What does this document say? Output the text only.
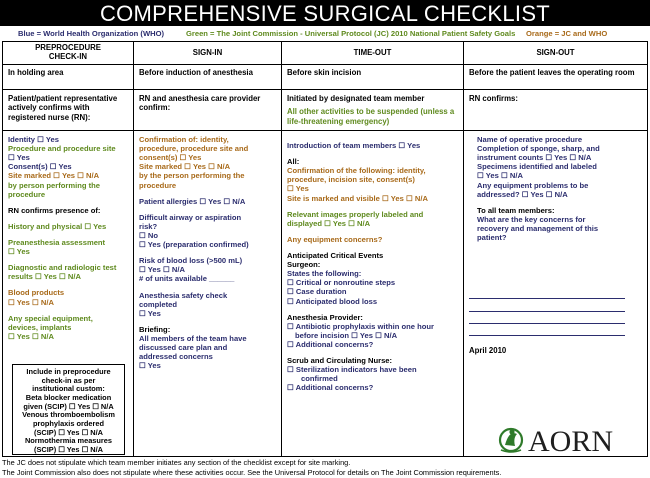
COMPREHENSIVE SURGICAL CHECKLIST
Blue = World Health Organization (WHO)	Green = The Joint Commission - Universal Protocol (JC) 2010 National Patient Safety Goals Orange = JC and WHO
PREPROCEDURE
CHECK-IN
In holding area
Patient/patient representative actively confirms with registered nurse (RN):

Identity ☐ Yes

Procedure and procedure site

☐ Yes

Consent(s) ☐ Yes

Site marked ☐ Yes ☐ N/A

by person performing the

procedure

RN confirms presence of:

History and physical ☐ Yes

Preanesthesia assessment

☐ Yes

Diagnostic and radiologic test

results ☐ Yes ☐ N/A

Blood products

☐ Yes ☐ N/A

Any special equipment,

devices, implants

☐ Yes ☐ N/A

Include in preprocedure
check-in as per
institutional custom:
Beta blocker medication
given (SCIP) ☐ Yes ☐ N/A
Venous thromboembolism
prophylaxis ordered
(SCIP) ☐ Yes ☐ N/A
Normothermia measures
(SCIP) ☐ Yes ☐ N/A
SIGN-IN
Before induction of anesthesia
RN and anesthesia care provider confirm:

Confirmation of: identity,

procedure, procedure site and

consent(s) ☐ Yes

Site marked ☐ Yes ☐ N/A

by the person performing the

procedure

Patient allergies ☐ Yes ☐ N/A

Difficult airway or aspiration

risk?

☐ No

☐ Yes (preparation confirmed)

Risk of blood loss (>500 mL)

☐ Yes ☐ N/A

# of units available ______

Anesthesia safety check

completed

☐ Yes

Briefing:

All members of the team have

discussed care plan and

addressed concerns

☐ Yes

TIME-OUT
Before skin incision
Initiated by designated team member
All other activities to be suspended (unless a life-threatening emergency)

Introduction of team members ☐ Yes

All:

Confirmation of the following: identity,

procedure, incision site, consent(s)

☐ Yes

Site is marked and visible ☐ Yes ☐ N/A

Relevant images properly labeled and

displayed ☐ Yes ☐ N/A

Any equipment concerns?

Anticipated Critical Events

Surgeon:

States the following:

☐ Critical or nonroutine steps

☐ Case duration

☐ Anticipated blood loss

Anesthesia Provider:

☐ Antibiotic prophylaxis within one hour

before incision ☐ Yes ☐ N/A

☐ Additional concerns?

Scrub and Circulating Nurse:

☐ Sterilization indicators have been

confirmed

☐ Additional concerns?

SIGN-OUT
Before the patient leaves the operating room
RN confirms:

Name of operative procedure

Completion of sponge, sharp, and

instrument counts ☐ Yes ☐ N/A

Specimens identified and labeled

☐ Yes ☐ N/A

Any equipment problems to be

addressed? ☐ Yes ☐ N/A

To all team members:

What are the key concerns for

recovery and management of this

patient?

April 2010
AORN
The JC does not stipulate which team member initiates any section of the checklist except for site marking.
The Joint Commission also does not stipulate where these activities occur. See the Universal Protocol for details on The Joint Commission requirements.
